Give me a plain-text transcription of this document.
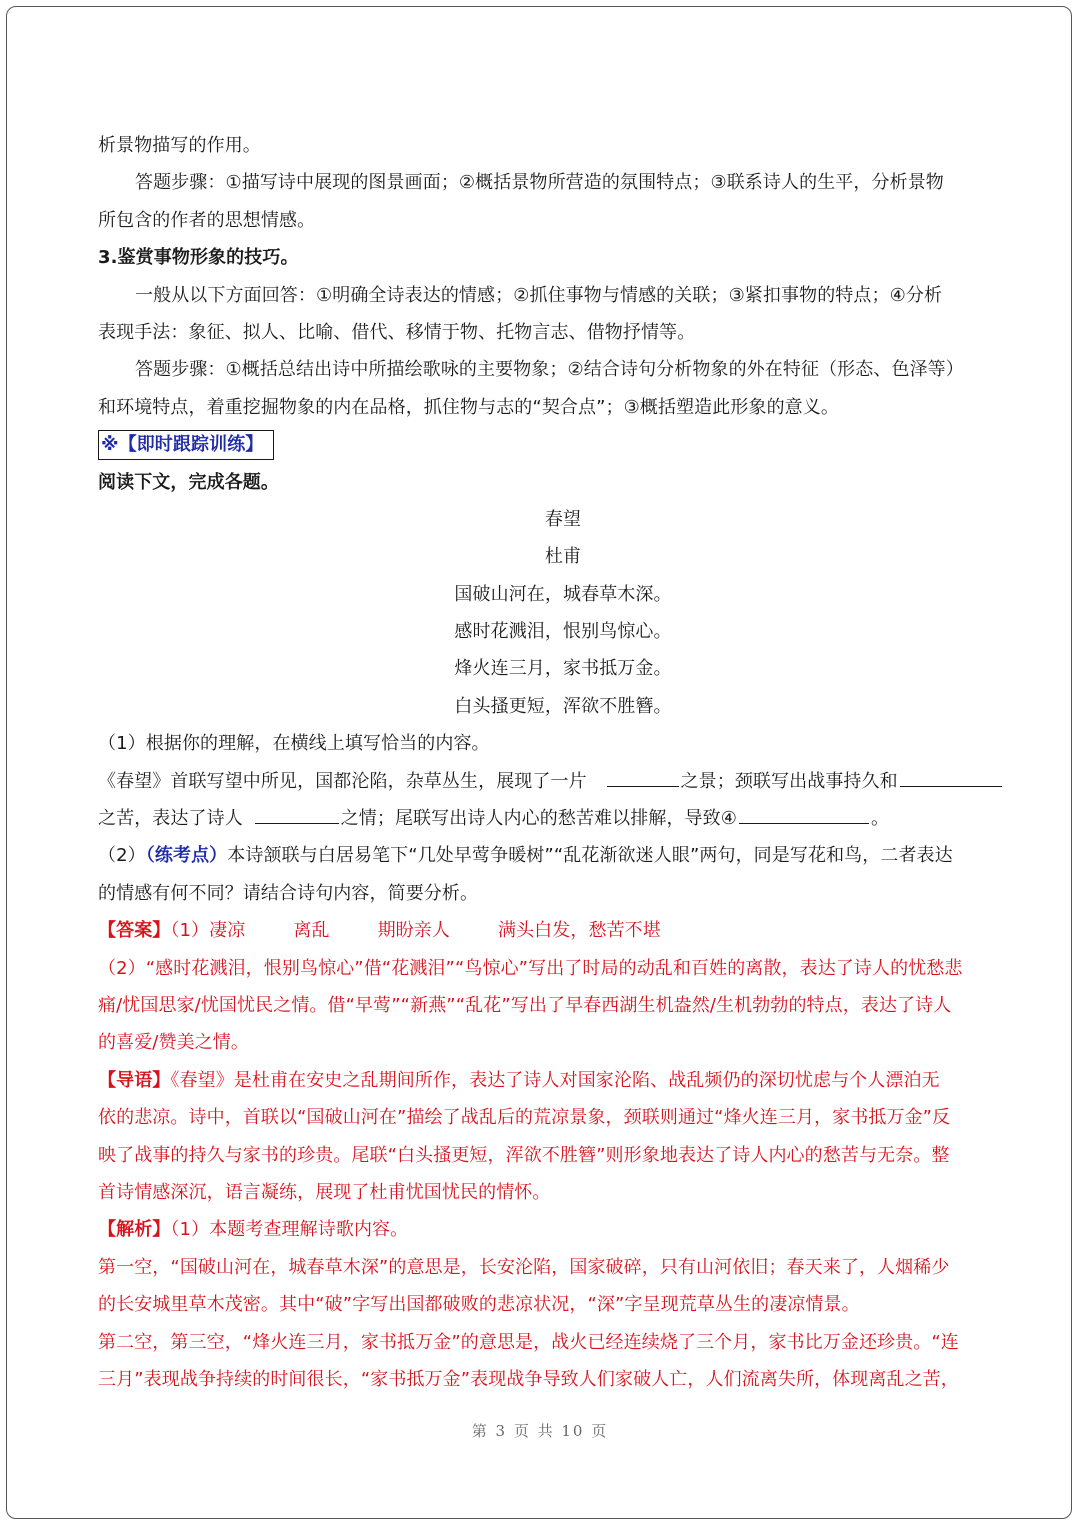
析景物描写的作用。
答题步骤：①描写诗中展现的图景画面；②概括景物所营造的氛围特点；③联系诗人的生平，分析景物
所包含的作者的思想情感。
3.鉴赏事物形象的技巧。
一般从以下方面回答：①明确全诗表达的情感；②抓住事物与情感的关联；③紧扣事物的特点；④分析
表现手法：象征、拟人、比喻、借代、移情于物、托物言志、借物抒情等。
答题步骤：①概括总结出诗中所描绘歌咏的主要物象；②结合诗句分析物象的外在特征（形态、色泽等）
和环境特点，着重挖掘物象的内在品格，抓住物与志的“契合点”；③概括塑造此形象的意义。
※【即时跟踪训练】
阅读下文，完成各题。
春望
杜甫
国破山河在，城春草木深。
感时花溅泪，恨别鸟惊心。
烽火连三月，家书抵万金。
白头搔更短，浑欲不胜簪。
（1）根据你的理解，在横线上填写恰当的内容。
《春望》首联写望中所见，国都沦陷，杂草丛生，展现了一片	之景；颈联写出战事持久和
之苦，表达了诗人	之情；尾联写出诗人内心的愁苦难以排解，导致④	。
（2）（练考点）本诗颔联与白居易笔下“几处早莺争暖树”“乱花渐欲迷人眼”两句，同是写花和鸟，二者表达
的情感有何不同？请结合诗句内容，简要分析。
【答案】（1）凄凉	离乱	期盼亲人	满头白发，愁苦不堪
（2）“感时花溅泪，恨别鸟惊心”借“花溅泪”“鸟惊心”写出了时局的动乱和百姓的离散，表达了诗人的忧愁悲
痛/忧国思家/忧国忧民之情。借“早莺”“新燕”“乱花”写出了早春西湖生机盎然/生机勃勃的特点，表达了诗人
的喜爱/赞美之情。
【导语】《春望》是杜甫在安史之乱期间所作，表达了诗人对国家沦陷、战乱频仍的深切忧虑与个人漂泊无
依的悲凉。诗中，首联以“国破山河在”描绘了战乱后的荒凉景象，颈联则通过“烽火连三月，家书抵万金”反
映了战事的持久与家书的珍贵。尾联“白头搔更短，浑欲不胜簪”则形象地表达了诗人内心的愁苦与无奈。整
首诗情感深沉，语言凝练，展现了杜甫忧国忧民的情怀。
【解析】（1）本题考查理解诗歌内容。
第一空，“国破山河在，城春草木深”的意思是，长安沦陷，国家破碎，只有山河依旧；春天来了，人烟稀少
的长安城里草木茂密。其中“破”字写出国都破败的悲凉状况，“深”字呈现荒草丛生的凄凉情景。
第二空，第三空，“烽火连三月，家书抵万金”的意思是，战火已经连续烧了三个月，家书比万金还珍贵。“连
三月”表现战争持续的时间很长，“家书抵万金”表现战争导致人们家破人亡，人们流离失所，体现离乱之苦，
第 3 页 共 10 页
